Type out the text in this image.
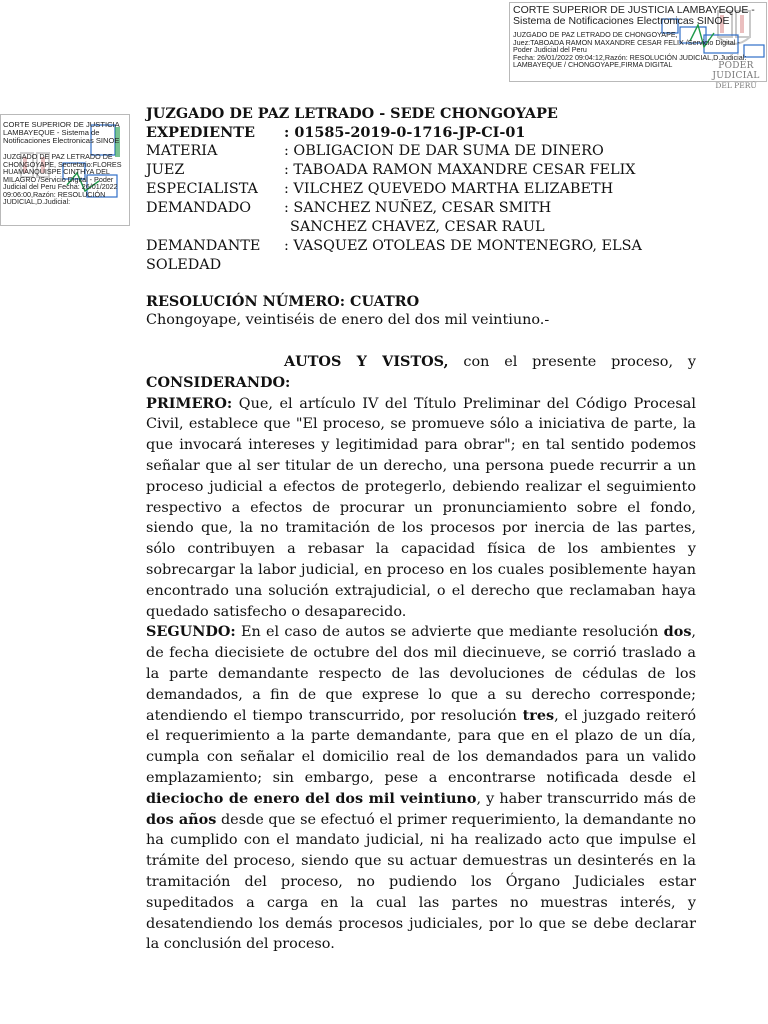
PODER JUDICIAL
DEL PERÚ
CORTE SUPERIOR DE JUSTICIA LAMBAYEQUE -
Sistema de Notificaciones Electronicas SINOE
JUZGADO DE PAZ LETRADO DE CHONGOYAPE,
Juez:TABOADA RAMON MAXANDRE CESAR FELIX /Servicio Digital -
Poder Judicial del Peru
Fecha: 26/01/2022 09:04:12,Razón: RESOLUCIÓN JUDICIAL,D.Judicial:
LAMBAYEQUE / CHONGOYAPE,FIRMA DIGITAL
CORTE SUPERIOR DE JUSTICIA LAMBAYEQUE - Sistema de Notificaciones Electronicas SINOE
JUZGADO DE PAZ LETRADO DE CHONGOYAPE, Secretario:FLORES HUAMANQUISPE CINTHYA DEL MILAGRO /Servicio Digital - Poder Judicial del Peru Fecha: 26/01/2022 09:06:00,Razón: RESOLUCIÓN JUDICIAL,D.Judicial:
JUZGADO DE PAZ LETRADO - SEDE CHONGOYAPE
EXPEDIENTE	: 01585-2019-0-1716-JP-CI-01
MATERIA	: OBLIGACION DE DAR SUMA DE DINERO
JUEZ	: TABOADA RAMON MAXANDRE CESAR FELIX
ESPECIALISTA	: VILCHEZ QUEVEDO MARTHA ELIZABETH
DEMANDADO	: SANCHEZ NUÑEZ, CESAR SMITH
SANCHEZ CHAVEZ, CESAR RAUL
DEMANDANTE	: VASQUEZ OTOLEAS DE MONTENEGRO, ELSA
SOLEDAD
RESOLUCIÓN NÚMERO: CUATRO
Chongoyape, veintiséis de enero del dos mil veintiuno.-

AUTOS Y VISTOS, con el presente proceso, y

CONSIDERANDO:

PRIMERO: Que, el artículo IV del Título Preliminar del Código Procesal Civil, establece que "El proceso, se promueve sólo a iniciativa de parte, la que invocará intereses y legitimidad para obrar"; en tal sentido podemos señalar que al ser titular de un derecho, una persona puede recurrir a un proceso judicial a efectos de protegerlo, debiendo realizar el seguimiento respectivo a efectos de procurar un pronunciamiento sobre el fondo, siendo que, la no tramitación de los procesos por inercia de las partes, sólo contribuyen a rebasar la capacidad física de los ambientes y sobrecargar la labor judicial, en proceso en los cuales posiblemente hayan encontrado una solución extrajudicial, o el derecho que reclamaban haya quedado satisfecho o desaparecido.

SEGUNDO: En el caso de autos se advierte que mediante resolución dos, de fecha diecisiete de octubre del dos mil diecinueve, se corrió traslado a la parte demandante respecto de las devoluciones de cédulas de los demandados, a fin de que exprese lo que a su derecho corresponde; atendiendo el tiempo transcurrido, por resolución tres, el juzgado reiteró el requerimiento a la parte demandante, para que en el plazo de un día, cumpla con señalar el domicilio real de los demandados para un valido emplazamiento; sin embargo, pese a encontrarse notificada desde el dieciocho de enero del dos mil veintiuno, y haber transcurrido más de dos años desde que se efectuó el primer requerimiento, la demandante no ha cumplido con el mandato judicial, ni ha realizado acto que impulse el trámite del proceso, siendo que su actuar demuestras un desinterés en la tramitación del proceso, no pudiendo los Órgano Judiciales estar supeditados a carga en la cual las partes no muestras interés, y desatendiendo los demás procesos judiciales, por lo que se debe declarar la conclusión del proceso.
